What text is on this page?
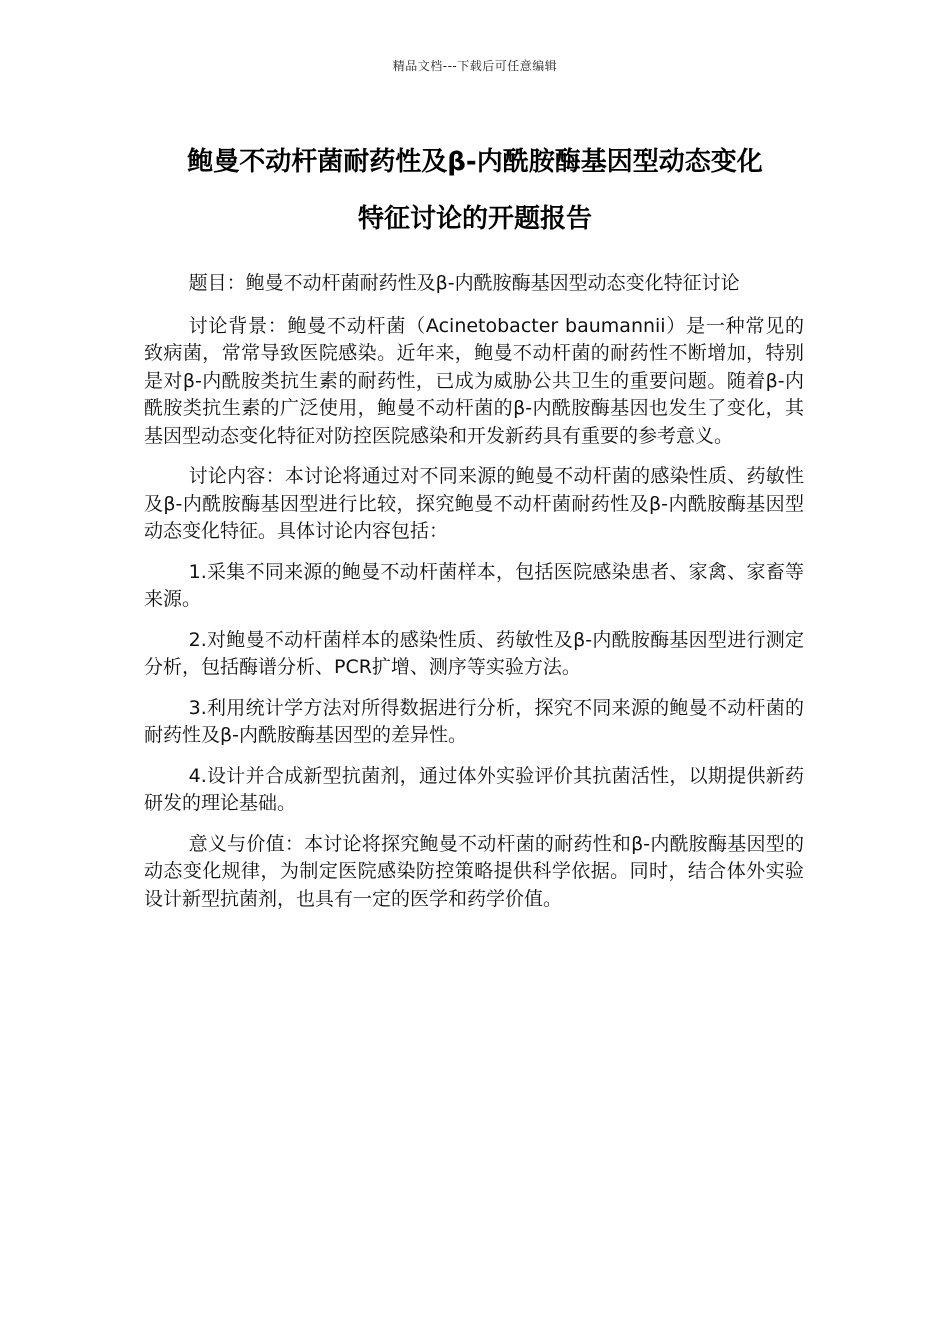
精品文档---下载后可任意编辑
鲍曼不动杆菌耐药性及β-内酰胺酶基因型动态变化
特征讨论的开题报告

题目：鲍曼不动杆菌耐药性及β-内酰胺酶基因型动态变化特征讨论

讨论背景：鲍曼不动杆菌（Acinetobacter baumannii）是一种常见的致病菌，常常导致医院感染。近年来，鲍曼不动杆菌的耐药性不断增加，特别是对β-内酰胺类抗生素的耐药性，已成为威胁公共卫生的重要问题。随着β-内酰胺类抗生素的广泛使用，鲍曼不动杆菌的β-内酰胺酶基因也发生了变化，其基因型动态变化特征对防控医院感染和开发新药具有重要的参考意义。

讨论内容：本讨论将通过对不同来源的鲍曼不动杆菌的感染性质、药敏性及β-内酰胺酶基因型进行比较，探究鲍曼不动杆菌耐药性及β-内酰胺酶基因型动态变化特征。具体讨论内容包括：

1.采集不同来源的鲍曼不动杆菌样本，包括医院感染患者、家禽、家畜等来源。

2.对鲍曼不动杆菌样本的感染性质、药敏性及β-内酰胺酶基因型进行测定分析，包括酶谱分析、PCR扩增、测序等实验方法。

3.利用统计学方法对所得数据进行分析，探究不同来源的鲍曼不动杆菌的耐药性及β-内酰胺酶基因型的差异性。

4.设计并合成新型抗菌剂，通过体外实验评价其抗菌活性，以期提供新药研发的理论基础。

意义与价值：本讨论将探究鲍曼不动杆菌的耐药性和β-内酰胺酶基因型的动态变化规律，为制定医院感染防控策略提供科学依据。同时，结合体外实验设计新型抗菌剂，也具有一定的医学和药学价值。
